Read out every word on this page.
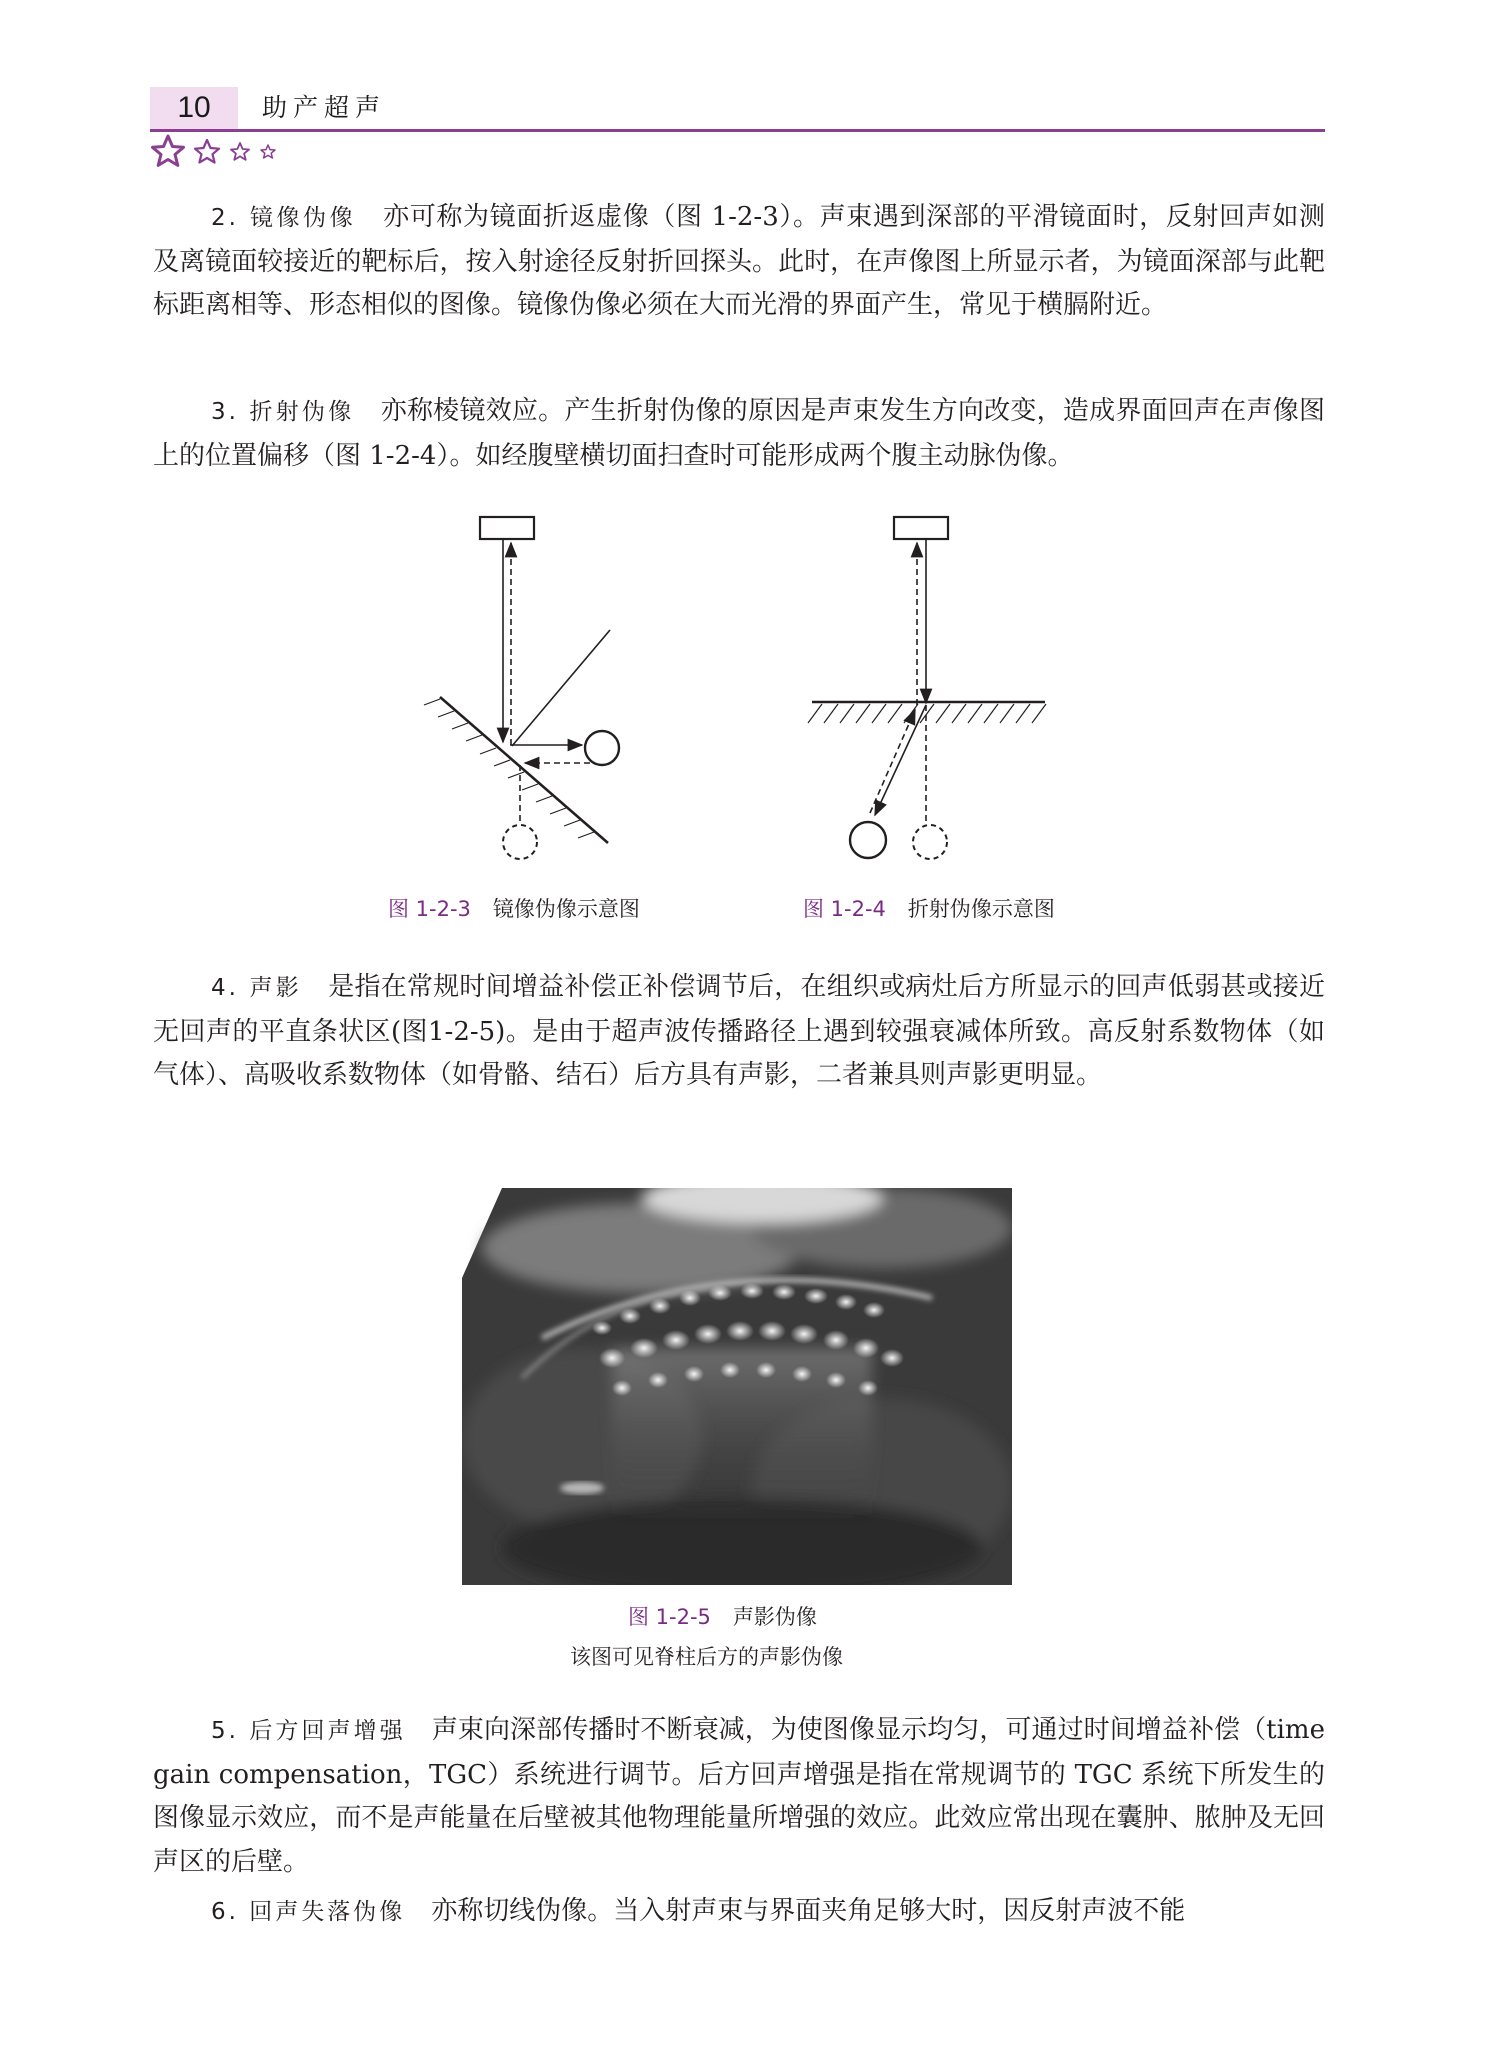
10	助产超声

2. 镜像伪像　 亦可称为镜面折返虚像（图 1-2-3）。声束遇到深部的平滑镜面时，反射回声如测及离镜面较接近的靶标后，按入射途径反射折回探头。此时，在声像图上所显示者，为镜面深部与此靶标距离相等、形态相似的图像。镜像伪像必须在大而光滑的界面产生，常见于横膈附近。

3. 折射伪像　 亦称棱镜效应。产生折射伪像的原因是声束发生方向改变，造成界面回声在声像图上的位置偏移（图 1-2-4）。如经腹壁横切面扫查时可能形成两个腹主动脉伪像。

图 1-2-3 镜像伪像示意图	图 1-2-4 折射伪像示意图

4. 声影　 是指在常规时间增益补偿正补偿调节后，在组织或病灶后方所显示的回声低弱甚或接近无回声的平直条状区(图1-2-5)。是由于超声波传播路径上遇到较强衰减体所致。高反射系数物体（如气体）、高吸收系数物体（如骨骼、结石）后方具有声影，二者兼具则声影更明显。

图 1-2-5 声影伪像
该图可见脊柱后方的声影伪像

5. 后方回声增强　 声束向深部传播时不断衰减，为使图像显示均匀，可通过时间增益补偿（time gain compensation，TGC）系统进行调节。后方回声增强是指在常规调节的 TGC 系统下所发生的图像显示效应，而不是声能量在后壁被其他物理能量所增强的效应。此效应常出现在囊肿、脓肿及无回声区的后壁。

6. 回声失落伪像　 亦称切线伪像。当入射声束与界面夹角足够大时，因反射声波不能
